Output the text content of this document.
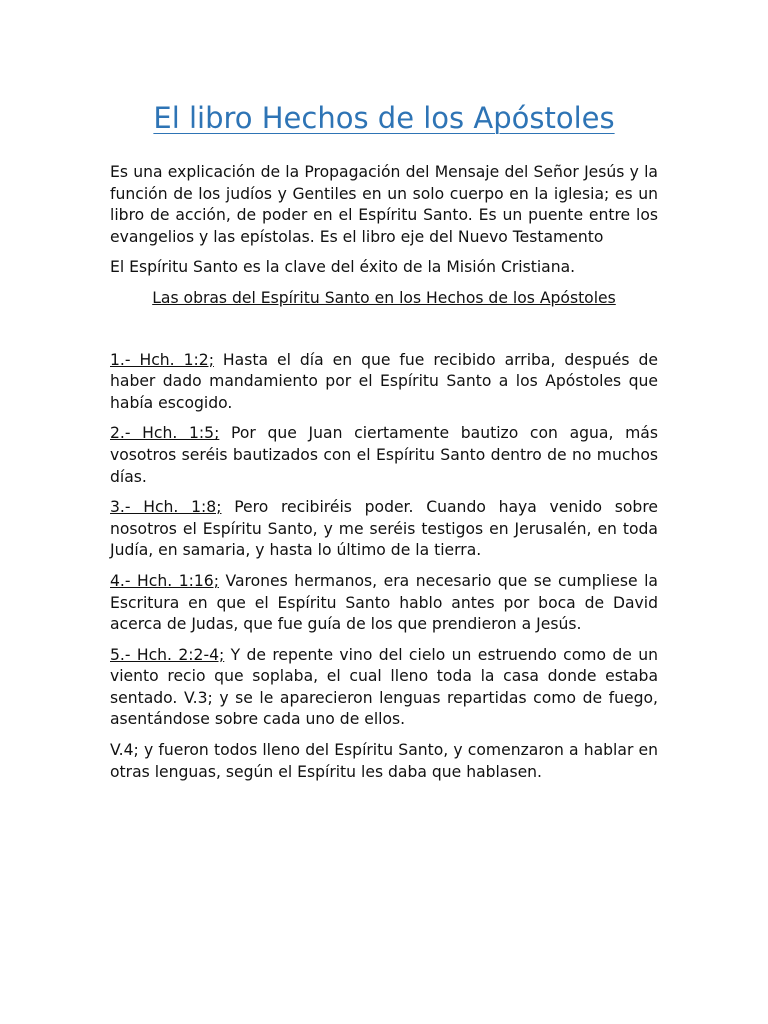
El libro Hechos de los Apóstoles

Es una explicación de la Propagación del Mensaje del Señor Jesús y la función de los judíos y Gentiles en un solo cuerpo en la iglesia; es un libro de acción, de poder en el Espíritu Santo. Es un puente entre los evangelios y las epístolas. Es el libro eje del Nuevo Testamento

El Espíritu Santo es la clave del éxito de la Misión Cristiana.

Las obras del Espíritu Santo en los Hechos de los Apóstoles

1.- Hch. 1:2; Hasta el día en que fue recibido arriba, después de haber dado mandamiento por el Espíritu Santo a los Apóstoles que había escogido.

2.- Hch. 1:5; Por que Juan ciertamente bautizo con agua, más vosotros seréis bautizados con el Espíritu Santo dentro de no muchos días.

3.- Hch. 1:8; Pero recibiréis poder. Cuando haya venido sobre nosotros el Espíritu Santo, y me seréis testigos en Jerusalén, en toda Judía, en samaria, y hasta lo último de la tierra.

4.- Hch. 1:16; Varones hermanos, era necesario que se cumpliese la Escritura en que el Espíritu Santo hablo antes por boca de David acerca de Judas, que fue guía de los que prendieron a Jesús.

5.- Hch. 2:2-4; Y de repente vino del cielo un estruendo como de un viento recio que soplaba, el cual lleno toda la casa donde estaba sentado. V.3; y se le aparecieron lenguas repartidas como de fuego, asentándose sobre cada uno de ellos.

V.4; y fueron todos lleno del Espíritu Santo, y comenzaron a hablar en otras lenguas, según el Espíritu les daba que hablasen.
